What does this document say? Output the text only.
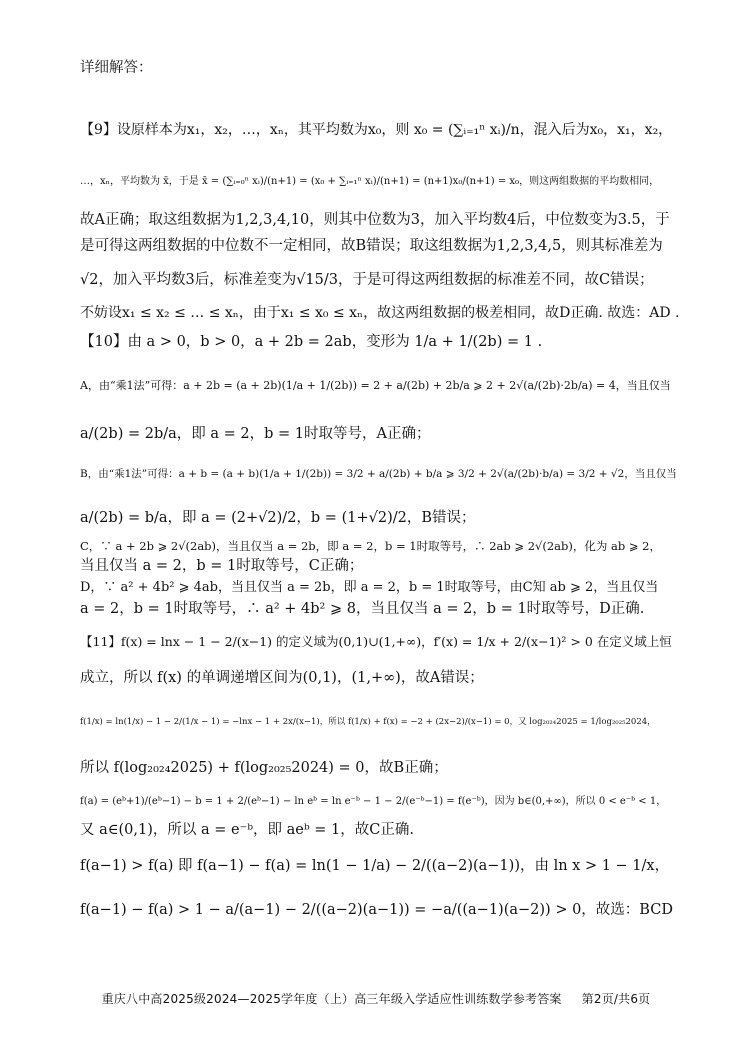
详细解答：
【9】设原样本为x₁，x₂，…，xₙ，其平均数为x₀，则 x₀ = (∑ᵢ₌₁ⁿ xᵢ)/n，混入后为x₀，x₁，x₂，
…，xₙ，平均数为 x̄，于是 x̄ = (∑ᵢ₌₀ⁿ xᵢ)/(n+1) = (x₀ + ∑ᵢ₌₁ⁿ xᵢ)/(n+1) = (n+1)x₀/(n+1) = x₀，则这两组数据的平均数相同，
故A正确；取这组数据为1,2,3,4,10，则其中位数为3，加入平均数4后，中位数变为3.5，于
是可得这两组数据的中位数不一定相同，故B错误；取这组数据为1,2,3,4,5，则其标准差为
√2，加入平均数3后，标准差变为√15/3，于是可得这两组数据的标准差不同，故C错误；
不妨设x₁ ≤ x₂ ≤ … ≤ xₙ，由于x₁ ≤ x₀ ≤ xₙ，故这两组数据的极差相同，故D正确. 故选：AD .
【10】由 a > 0，b > 0，a + 2b = 2ab，变形为 1/a + 1/(2b) = 1 .
A，由“乘1法”可得：a + 2b = (a + 2b)(1/a + 1/(2b)) = 2 + a/(2b) + 2b/a ⩾ 2 + 2√(a/(2b)·2b/a) = 4，当且仅当
a/(2b) = 2b/a，即 a = 2，b = 1时取等号，A正确；
B，由“乘1法”可得：a + b = (a + b)(1/a + 1/(2b)) = 3/2 + a/(2b) + b/a ⩾ 3/2 + 2√(a/(2b)·b/a) = 3/2 + √2，当且仅当
a/(2b) = b/a，即 a = (2+√2)/2，b = (1+√2)/2，B错误；
C，∵ a + 2b ⩾ 2√(2ab)，当且仅当 a = 2b，即 a = 2，b = 1时取等号，∴ 2ab ⩾ 2√(2ab)，化为 ab ⩾ 2，
当且仅当 a = 2，b = 1时取等号，C正确；
D，∵ a² + 4b² ⩾ 4ab，当且仅当 a = 2b，即 a = 2，b = 1时取等号，由C知 ab ⩾ 2，当且仅当
a = 2，b = 1时取等号，∴ a² + 4b² ⩾ 8，当且仅当 a = 2，b = 1时取等号，D正确.
【11】f(x) = lnx − 1 − 2/(x−1) 的定义域为(0,1)∪(1,+∞)，f′(x) = 1/x + 2/(x−1)² > 0 在定义域上恒
成立，所以 f(x) 的单调递增区间为(0,1)，(1,+∞)，故A错误；
f(1/x) = ln(1/x) − 1 − 2/(1/x − 1) = −lnx − 1 + 2x/(x−1)，所以 f(1/x) + f(x) = −2 + (2x−2)/(x−1) = 0，又 log₂₀₂₄2025 = 1/log₂₀₂₅2024，
所以 f(log₂₀₂₄2025) + f(log₂₀₂₅2024) = 0，故B正确；
f(a) = (eᵇ+1)/(eᵇ−1) − b = 1 + 2/(eᵇ−1) − ln eᵇ = ln e⁻ᵇ − 1 − 2/(e⁻ᵇ−1) = f(e⁻ᵇ)，因为 b∈(0,+∞)，所以 0 < e⁻ᵇ < 1，
又 a∈(0,1)，所以 a = e⁻ᵇ，即 aeᵇ = 1，故C正确.
f(a−1) > f(a) 即 f(a−1) − f(a) = ln(1 − 1/a) − 2/((a−2)(a−1))，由 ln x > 1 − 1/x，
f(a−1) − f(a) > 1 − a/(a−1) − 2/((a−2)(a−1)) = −a/((a−1)(a−2)) > 0，故选：BCD
重庆八中高2025级2024—2025学年度（上）高三年级入学适应性训练数学参考答案 第2页/共6页
